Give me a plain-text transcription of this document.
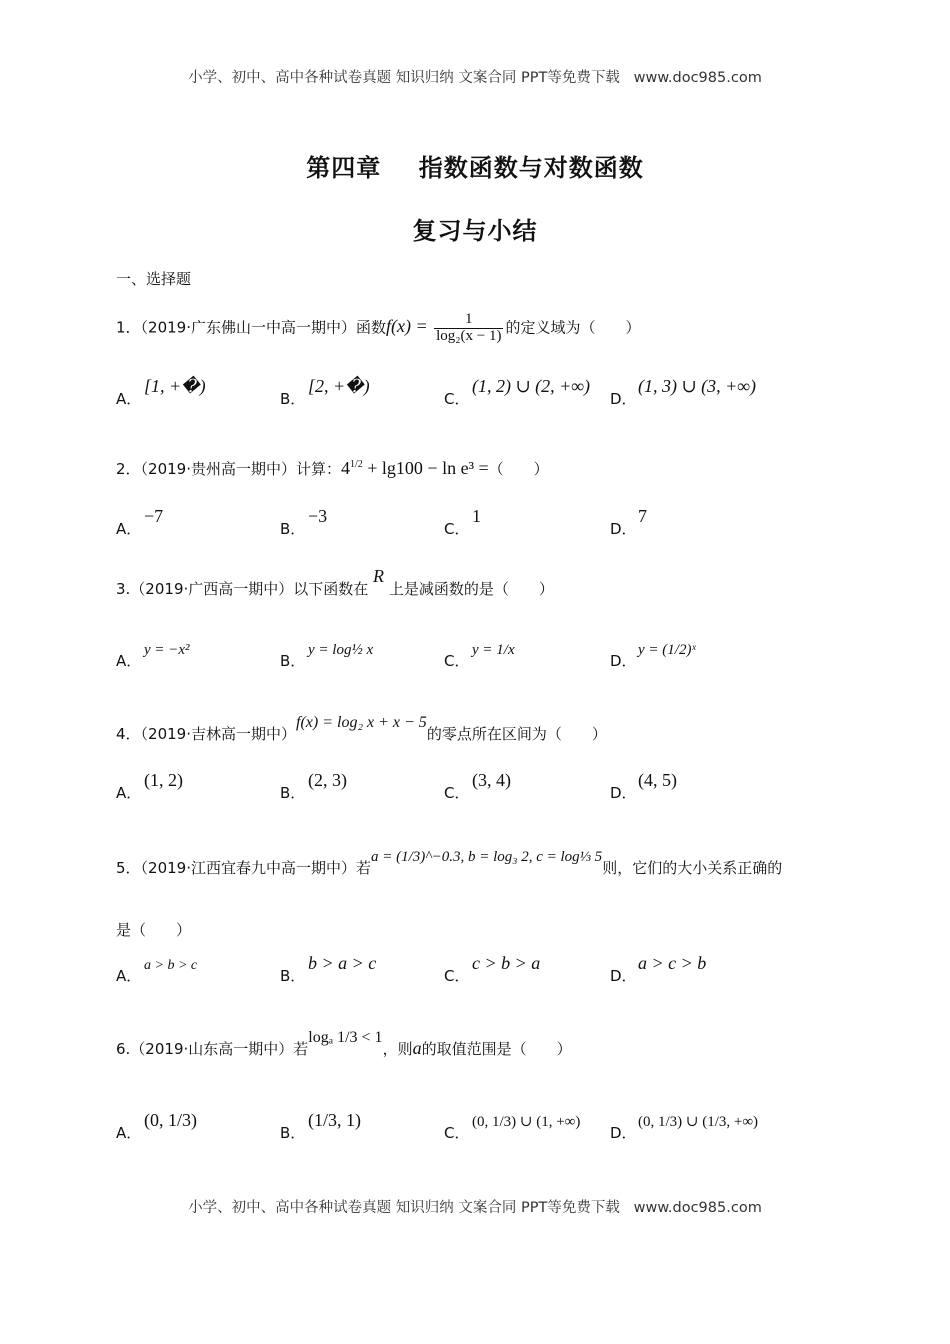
小学、初中、高中各种试卷真题 知识归纳 文案合同 PPT等免费下载 www.doc985.com
第四章 指数函数与对数函数
复习与小结
一、选择题
1．（2019·广东佛山一中高一期中）函数$f(x) = \frac{1}{\text{log₂(x − 1)}}$ 的定义域为（　　）
A．[1, +�)
B．[2, +�)
C．(1, 2) ∪ (2, +∞)
D．(1, 3) ∪ (3, +∞)
2．（2019·贵州高一期中）计算：$4^{1/2} + \lg 100 - \ln e^3$ =（　　）
A．−7
B．−3
C．1
D．7
3.（2019·广西高一期中）以下函数在 R 上是减函数的是（　　）
A．y = −x²
B．y = log½ x
C．y = 1/x
D．y = (1/2)ˣ
4．（2019·吉林高一期中）f(x) = log₂ x + x − 5的零点所在区间为（　　）
A．(1, 2)
B．(2, 3)
C．(3, 4)
D．(4, 5)
5．（2019·江西宜春九中高一期中）若a = (1/3)^−0.3, b = log₃ 2, c = log⅓ 5则，它们的大小关系正确的
是（　　）
A．a > b > c
B．b > a > c
C．c > b > a
D．a > c > b
6.（2019·山东高一期中）若logₐ 1/3 < 1，则a的取值范围是（　　）
A．(0, 1/3)
B．(1/3, 1)
C．(0, 1/3) ∪ (1, +∞)
D．(0, 1/3) ∪ (1/3, +∞)
小学、初中、高中各种试卷真题 知识归纳 文案合同 PPT等免费下载 www.doc985.com
